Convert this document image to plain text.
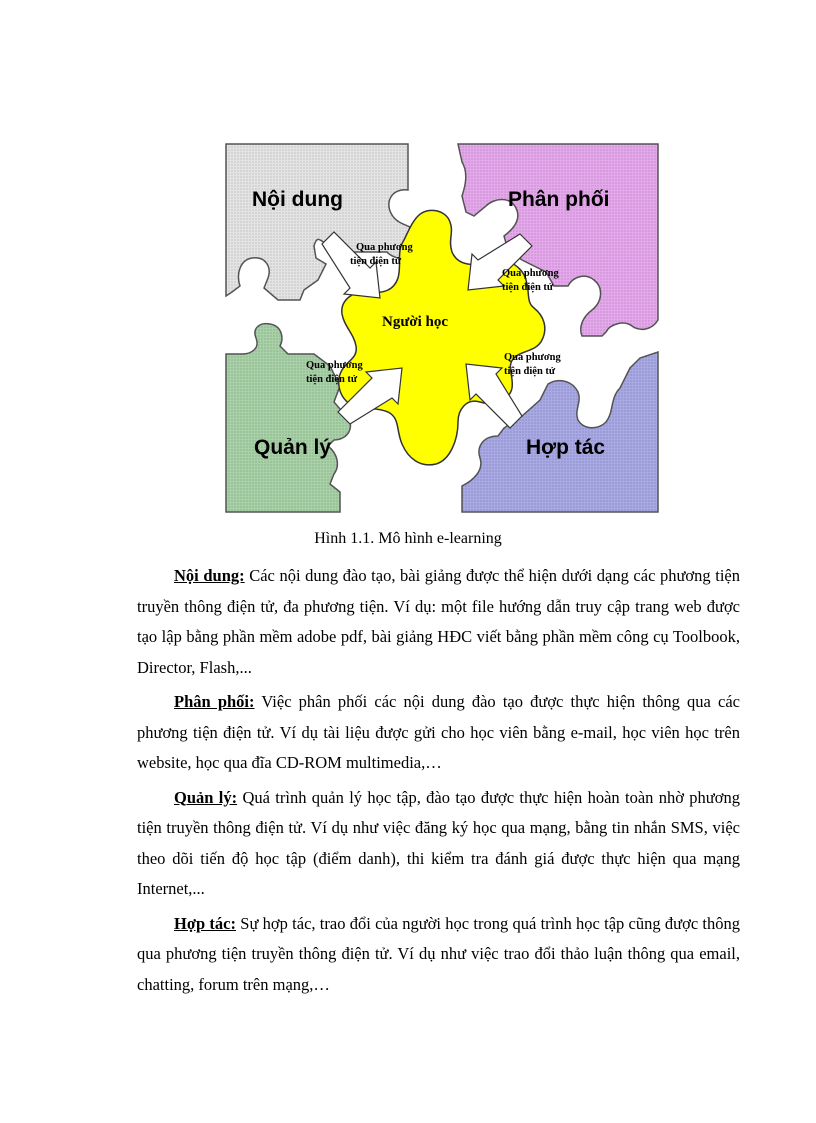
Nội dung	Phân phối
Quản lý	Hợp tác
Người học
Qua phương
tiện điện tử
Qua phương
tiện điện tử
Qua phương
tiện điện tử
Qua phương
tiện điện tử
Hình 1.1. Mô hình e-learning

Nội dung: Các nội dung đào tạo, bài giảng được thể hiện dưới dạng các phương tiện truyền thông điện tử, đa phương tiện. Ví dụ: một file hướng dẫn truy cập trang web được tạo lập bằng phần mềm adobe pdf, bài giảng HĐC viết bằng phần mềm công cụ Toolbook, Director, Flash,...

Phân phối: Việc phân phối các nội dung đào tạo được thực hiện thông qua các phương tiện điện tử. Ví dụ tài liệu được gửi cho học viên bằng e-mail, học viên học trên website, học qua đĩa CD-ROM multimedia,…

Quản lý: Quá trình quản lý học tập, đào tạo được thực hiện hoàn toàn nhờ phương tiện truyền thông điện tử. Ví dụ như việc đăng ký học qua mạng, bằng tin nhắn SMS, việc theo dõi tiến độ học tập (điểm danh), thi kiểm tra đánh giá được thực hiện qua mạng Internet,...

Hợp tác: Sự hợp tác, trao đổi của người học trong quá trình học tập cũng được thông qua phương tiện truyền thông điện tử. Ví dụ như việc trao đổi thảo luận thông qua email, chatting, forum trên mạng,…
